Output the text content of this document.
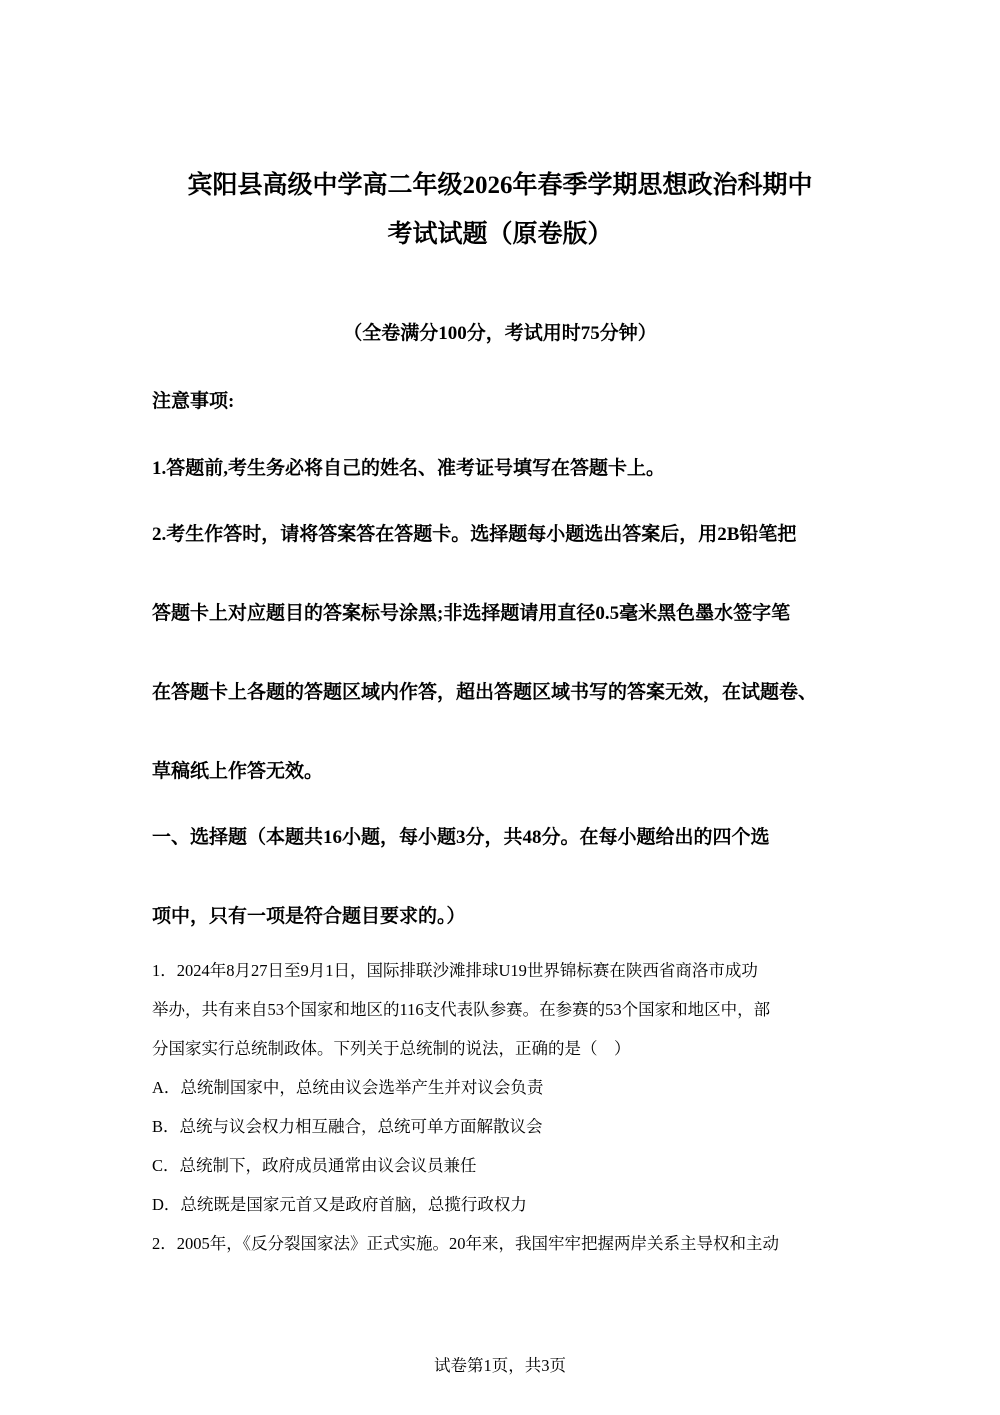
宾阳县高级中学高二年级2026年春季学期思想政治科期中
考试试题（原卷版）
（全卷满分100分，考试用时75分钟）
注意事项:
1.答题前,考生务必将自己的姓名、准考证号填写在答题卡上。
2.考生作答时，请将答案答在答题卡。选择题每小题选出答案后，用2B铅笔把
答题卡上对应题目的答案标号涂黑;非选择题请用直径0.5毫米黑色墨水签字笔
在答题卡上各题的答题区域内作答，超出答题区域书写的答案无效，在试题卷、
草稿纸上作答无效。
一、选择题（本题共16小题，每小题3分，共48分。在每小题给出的四个选
项中，只有一项是符合题目要求的。）
1．2024年8月27日至9月1日，国际排联沙滩排球U19世界锦标赛在陕西省商洛市成功
举办，共有来自53个国家和地区的116支代表队参赛。在参赛的53个国家和地区中，部
分国家实行总统制政体。下列关于总统制的说法，正确的是（　）
A．总统制国家中，总统由议会选举产生并对议会负责
B．总统与议会权力相互融合，总统可单方面解散议会
C．总统制下，政府成员通常由议会议员兼任
D．总统既是国家元首又是政府首脑，总揽行政权力
2．2005年，《反分裂国家法》正式实施。20年来，我国牢牢把握两岸关系主导权和主动
试卷第1页，共3页
